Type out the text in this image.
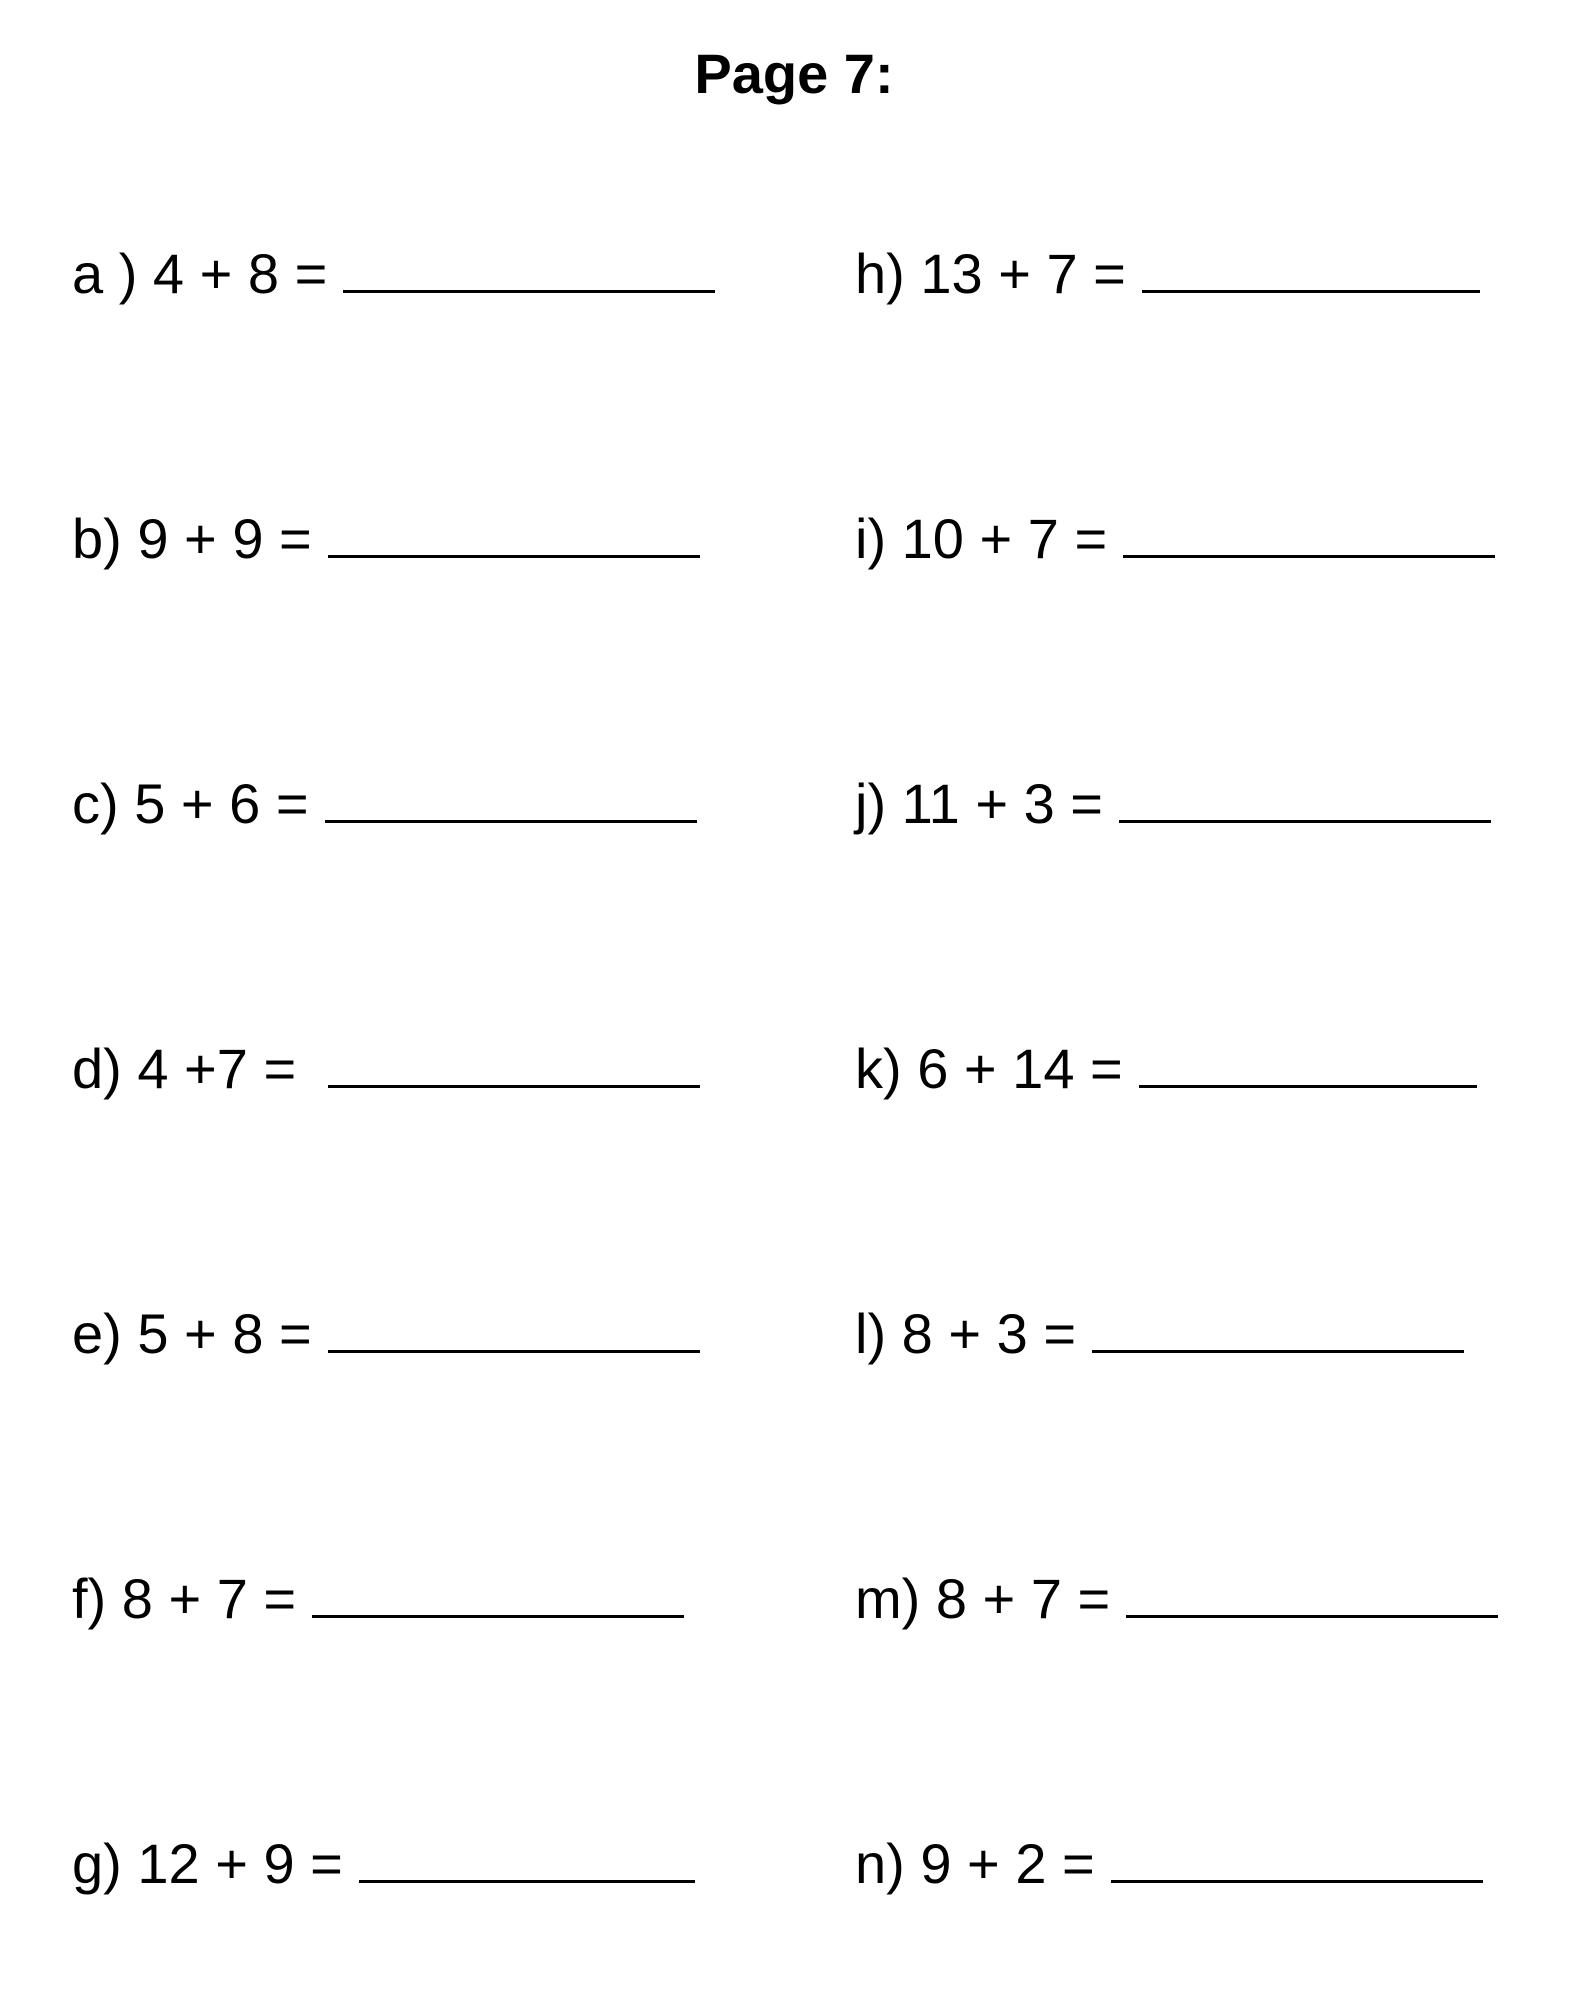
Page 7:
a ) 4 + 8 =
b) 9 + 9 =
c) 5 + 6 =
d) 4 +7 =
e) 5 + 8 =
f) 8 + 7 =
g) 12 + 9 =
h) 13 + 7 =
i) 10 + 7 =
j) 11 + 3 =
k) 6 + 14 =
l) 8 + 3 =
m) 8 + 7 =
n) 9 + 2 =
